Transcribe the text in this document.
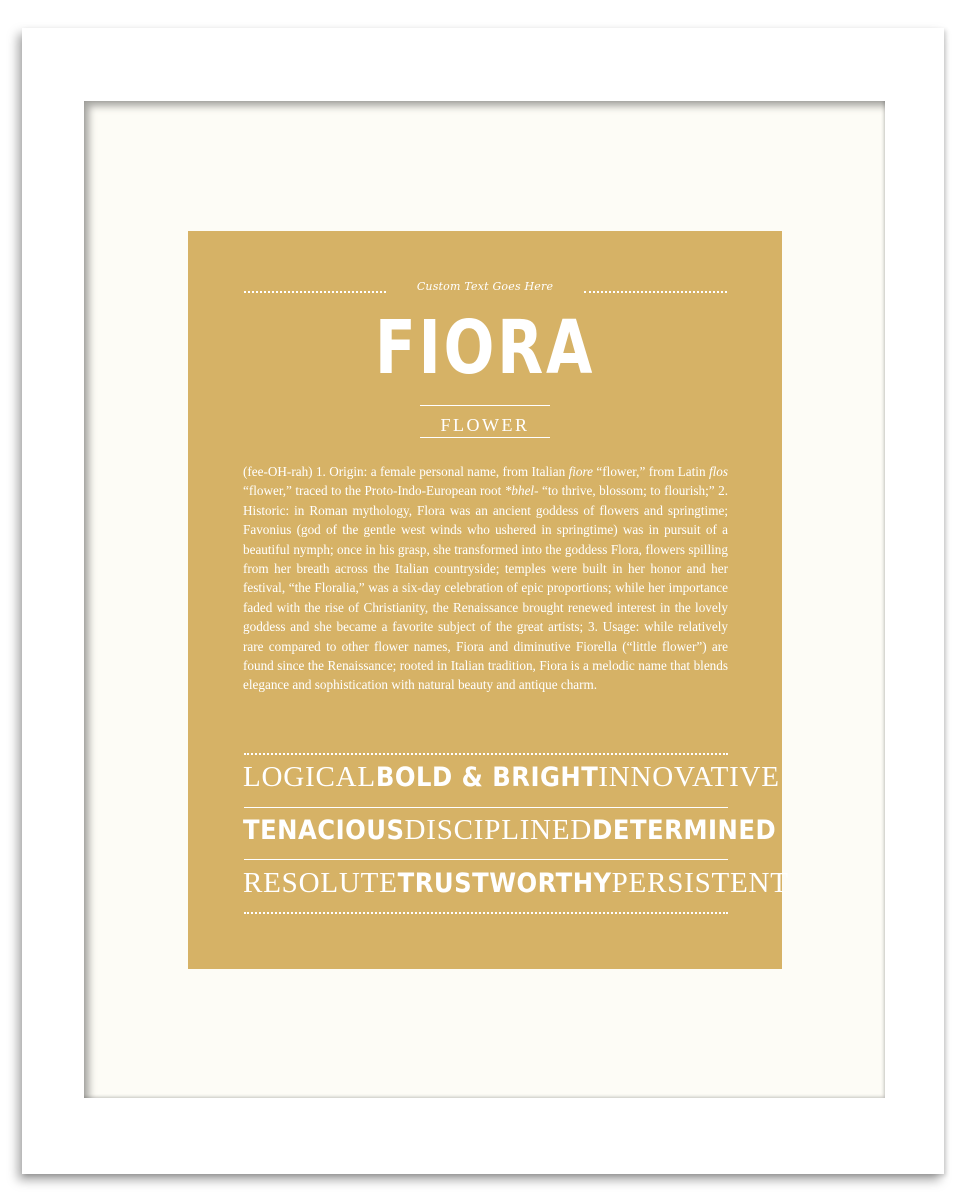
Custom Text Goes Here
FIORA
FLOWER
(fee-OH-rah) 1. Origin: a female personal name, from Italian fiore “flower,” from Latin flos “flower,” traced to the Proto-Indo-European root *bhel- “to thrive, blossom; to flourish;” 2. Historic: in Roman mythology, Flora was an ancient goddess of flowers and springtime; Favonius (god of the gentle west winds who ushered in springtime) was in pursuit of a beautiful nymph; once in his grasp, she transformed into the goddess Flora, flowers spilling from her breath across the Italian countryside; temples were built in her honor and her festival, “the Floralia,” was a six-day celebration of epic proportions; while her importance faded with the rise of Christianity, the Renaissance brought renewed interest in the lovely goddess and she became a favorite subject of the great artists; 3. Usage: while relatively rare compared to other flower names, Fiora and diminutive Fiorella (“little flower”) are found since the Renaissance; rooted in Italian tradition, Fiora is a melodic name that blends elegance and sophistication with natural beauty and antique charm.
LOGICAL BOLD & BRIGHT INNOVATIVE
TENACIOUS DISCIPLINED DETERMINED
RESOLUTE TRUSTWORTHY PERSISTENT
